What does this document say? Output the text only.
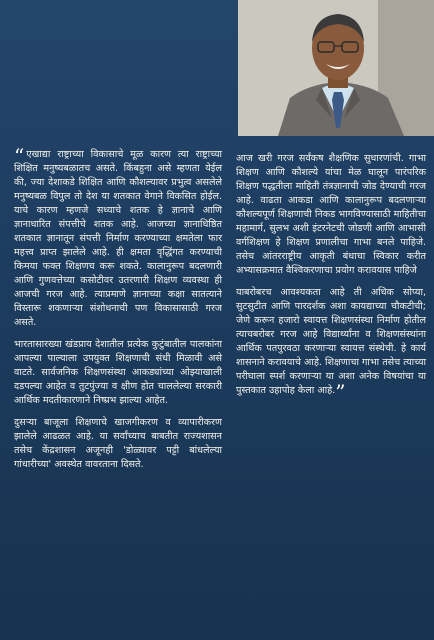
“ एखाद्या राष्ट्राच्या विकासाचे मूळ कारण त्या राष्ट्राच्या शिक्षित मनुष्यबळातच असते. किंबहुना असे म्हणता येईल की, ज्या देशाकडे शिक्षित आणि कौशल्यावर प्रभुत्व असलेले मनुष्यबळ विपुल तो देश या शतकात वेगाने विकसित होईल. याचे कारण म्हणजे सध्याचे शतक हे ज्ञानाचे आणि ज्ञानाधारित संपत्तीचे शतक आहे. आजच्या ज्ञानाधिष्ठित शतकात ज्ञानातून संपत्ती निर्माण करण्याच्या क्षमतेला फार महत्त्व प्राप्त झालेले आहे. ही क्षमता वृद्धिंगत करण्याची किमया फक्त शिक्षणच करू शकते. कालानुरूप बदलणारी आणि गुणवत्तेच्या कसोटीवर उतरणारी शिक्षण व्यवस्था ही आजची गरज आहे. त्याप्रमाणे ज्ञानाच्या कक्षा सातत्याने विस्तारू शकणाऱ्या संशोधनाची पण विकासासाठी गरज असते.

भारतासारख्या खंडप्राय देशातील प्रत्येक कुटुंबातील पालकांना आपल्या पाल्याला उपयुक्त शिक्षणाची संधी मिळावी असे वाटते. सार्वजनिक शिक्षणसंस्था आकड्यांच्या ओझ्याखाली दडपल्या आहेत व तुटपुंज्या व क्षीण होत चाललेल्या सरकारी आर्थिक मदतीकारणाने निष्प्रभ झाल्या आहेत.

दुसऱ्या बाजूला शिक्षणाचे खाजगीकरण व व्यापारीकरण झालेले आढळत आहे. या सर्वांच्याच बाबतीत राज्यशासन तसेच केंद्रशासन अजूनही 'डोळ्यावर पट्टी बांधलेल्या गांधारीच्या' अवस्थेत वावरताना दिसते.

आज खरी गरज सर्वंकष शैक्षणिक सुधारणांची. गाभा शिक्षण आणि कौशल्ये यांचा मेळ घालून पारंपरिक शिक्षण पद्धतीला माहिती तंत्रज्ञानाची जोड देण्याची गरज आहे. वाढता आकडा आणि कालानुरूप बदलणाऱ्या कौशल्यपूर्ण शिक्षणाची निकड भागविण्यासाठी माहितीचा महामार्ग, सुलभ अशी इंटरनेटची जोडणी आणि आभासी वर्गशिक्षण हे शिक्षण प्रणालीचा गाभा बनले पाहिजे. तसेच आंतरराष्ट्रीय आकृती बंधाचा स्विकार करीत अभ्यासक्रमात वैश्विकरणाचा प्रयोग करावयास पाहिजे

याबरोबरच आवश्यकता आहे ती अधिक सोप्या, सुटसुटीत आणि पारदर्शक अशा कायद्याच्या चौकटीची; जेणे करून हजारो स्वायत्त शिक्षणसंस्था निर्माण होतील त्याचबरोबर गरज आहे विद्यार्थ्यांना व शिक्षणसंस्थांना आर्थिक पतपुरवठा करणाऱ्या स्वायत्त संस्थेची. हे कार्य शासनाने करावयाचे आहे. शिक्षणाचा गाभा तसेच त्याच्या परीघाला स्पर्श करणाऱ्या या अशा अनेक विषयांचा या पुस्तकात उहापोह केला आहे.”
